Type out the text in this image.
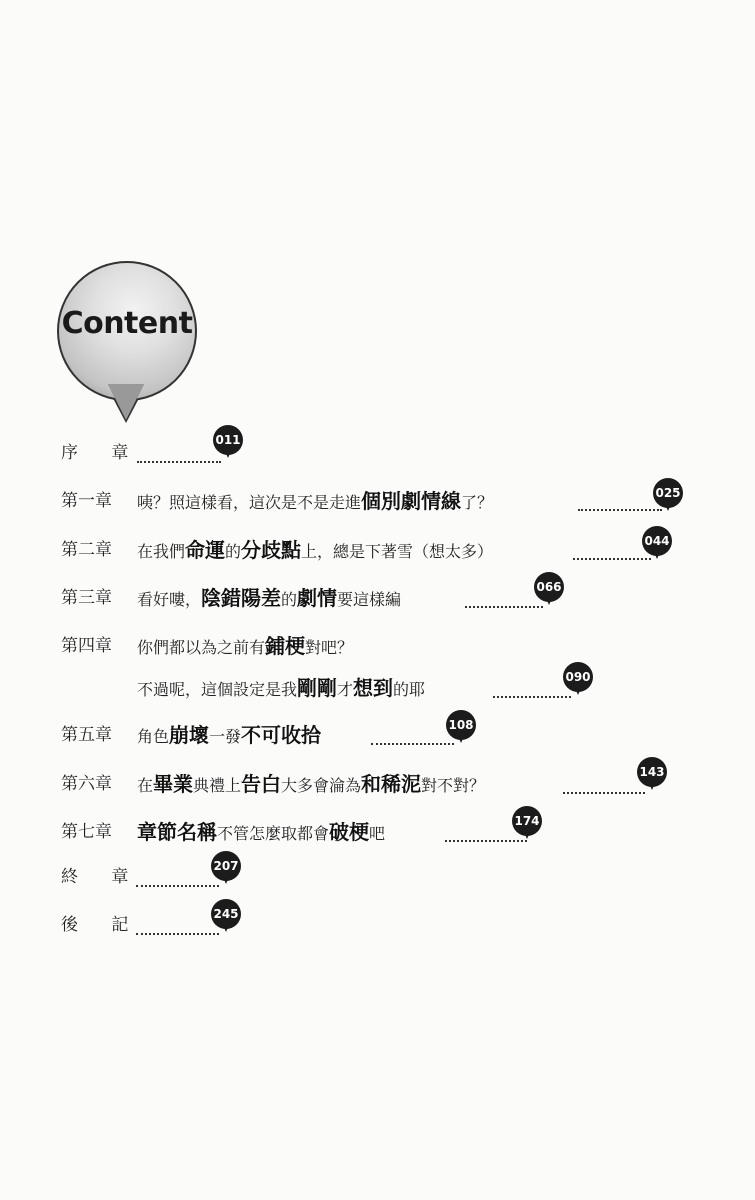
Content
序 章
011
第一章 咦？照這樣看，這次是不是走進個別劇情線了？	025
第二章 在我們命運的分歧點上，總是下著雪（想太多）
044
第三章 看好嘍，陰錯陽差的劇情要這樣編
066
第四章 你們都以為之前有鋪梗對吧？
不過呢，這個設定是我剛剛才想到的耶
090
第五章 角色崩壞一發不可收拾	108
第六章 在畢業典禮上告白大多會淪為和稀泥對不對？
143
第七章 章節名稱不管怎麼取都會破梗吧
174
終 章
207
後 記
245
